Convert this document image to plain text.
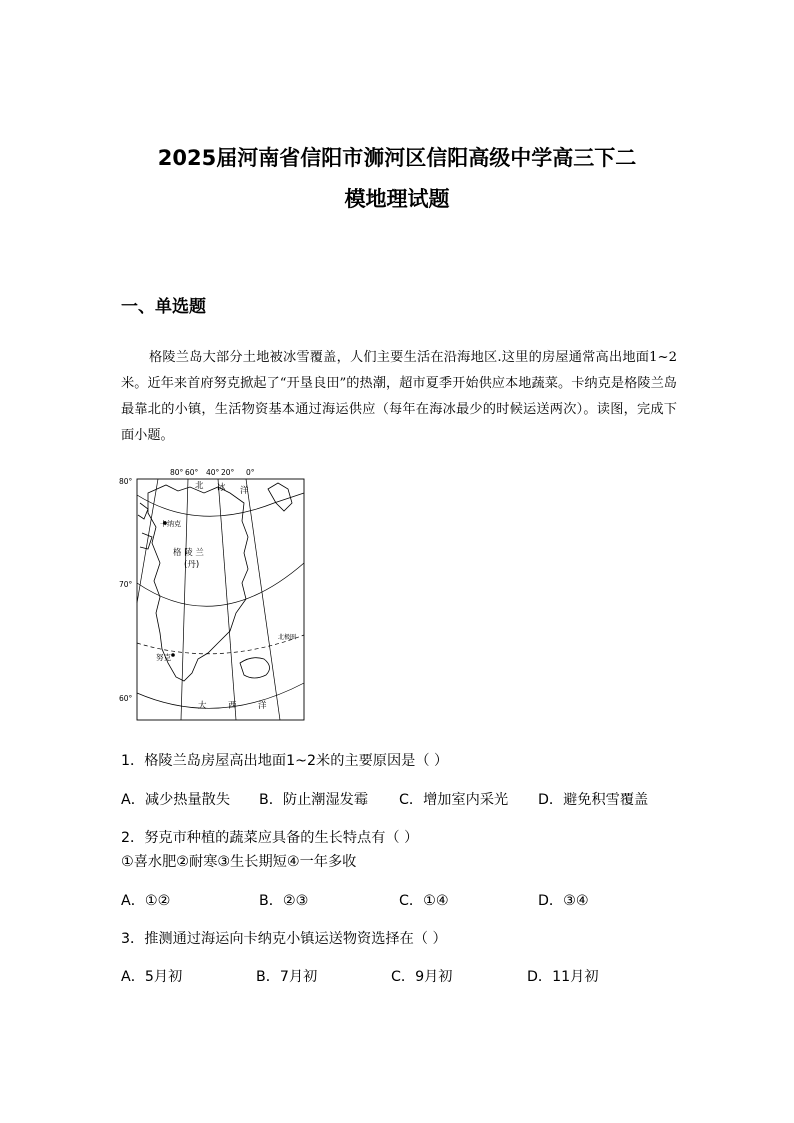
2025届河南省信阳市浉河区信阳高级中学高三下二
模地理试题
一、单选题
格陵兰岛大部分土地被冰雪覆盖，人们主要生活在沿海地区.这里的房屋通常高出地面1~2米。近年来首府努克掀起了“开垦良田”的热潮，超市夏季开始供应本地蔬菜。卡纳克是格陵兰岛最靠北的小镇，生活物资基本通过海运供应（每年在海冰最少的时候运送两次）。读图，完成下面小题。
80° 60° 40° 20° 0°
80°
70°
60°
北 冰 洋
卡纳克
格 陵 兰
(丹)
努克
北极圈
大	西	洋
1．格陵兰岛房屋高出地面1~2米的主要原因是（ ）
A．减少热量散失 B．防止潮湿发霉 C．增加室内采光 D．避免积雪覆盖
2．努克市种植的蔬菜应具备的生长特点有（ ）
①喜水肥②耐寒③生长期短④一年多收
A．①②	B．②③	C．①④	D．③④
3．推测通过海运向卡纳克小镇运送物资选择在（ ）
A．5月初	B．7月初	C．9月初	D．11月初
